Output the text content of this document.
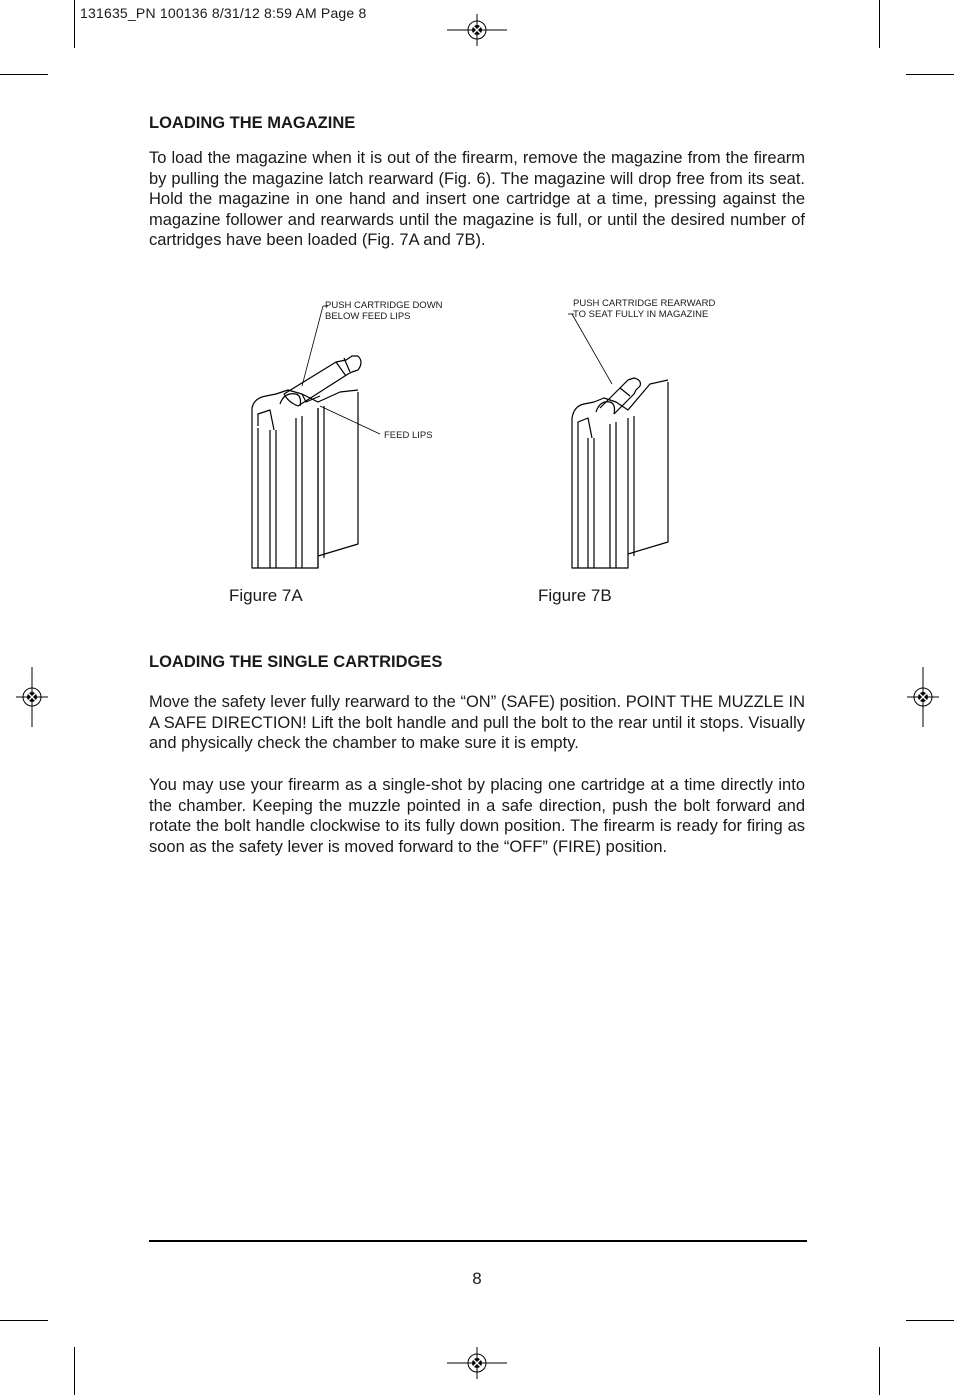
131635_PN 100136 8/31/12 8:59 AM Page 8
LOADING THE MAGAZINE

To load the magazine when it is out of the firearm, remove the magazine from the firearm by pulling the magazine latch rearward (Fig. 6). The magazine will drop free from its seat. Hold the magazine in one hand and insert one cartridge at a time, pressing against the magazine follower and rearwards until the magazine is full, or until the desired number of cartridges have been loaded (Fig. 7A and 7B).

PUSH CARTRIDGE DOWN
BELOW FEED LIPS
FEED LIPS
Figure 7A
PUSH CARTRIDGE REARWARD
TO SEAT FULLY IN MAGAZINE
Figure 7B
LOADING THE SINGLE CARTRIDGES

Move the safety lever fully rearward to the “ON” (SAFE) position. POINT THE MUZZLE IN A SAFE DIRECTION! Lift the bolt handle and pull the bolt to the rear until it stops. Visually and physically check the chamber to make sure it is empty.

You may use your firearm as a single-shot by placing one cartridge at a time directly into the chamber. Keeping the muzzle pointed in a safe direction, push the bolt forward and rotate the bolt handle clockwise to its fully down position. The firearm is ready for firing as soon as the safety lever is moved forward to the “OFF” (FIRE) position.

8
